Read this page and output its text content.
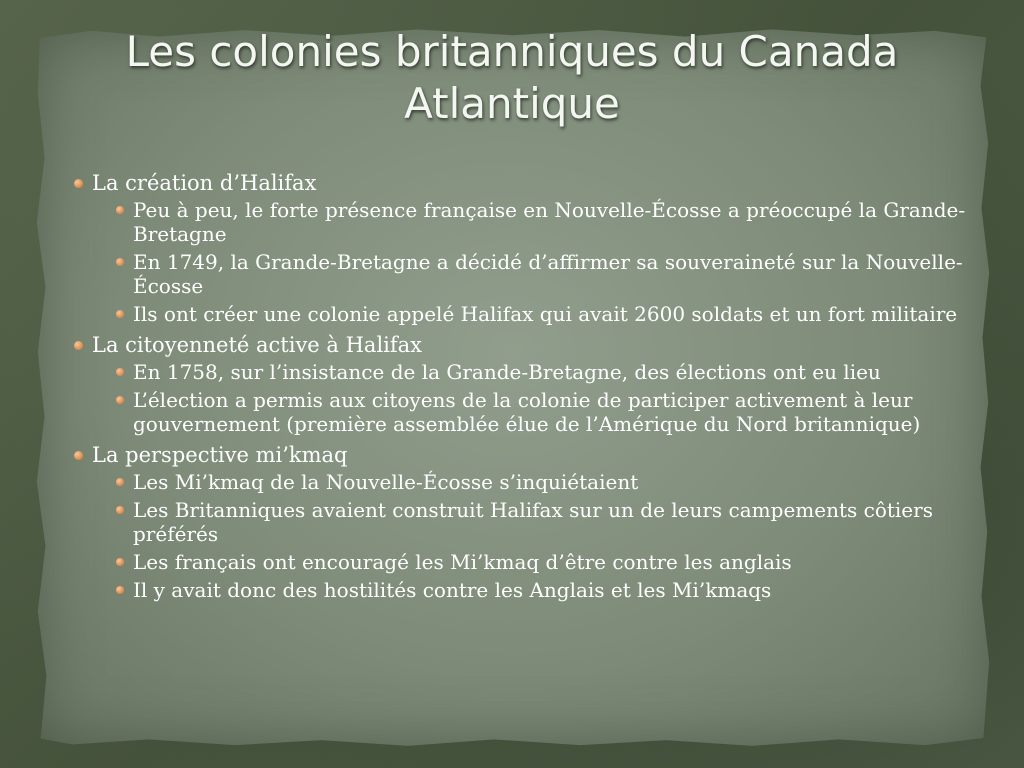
Les colonies britanniques du Canada
Atlantique
La création d’Halifax
Peu à peu, le forte présence française en Nouvelle-Écosse a préoccupé la Grande-Bretagne
En 1749, la Grande-Bretagne a décidé d’affirmer sa souveraineté sur la Nouvelle-Écosse
Ils ont créer une colonie appelé Halifax qui avait 2600 soldats et un fort militaire
La citoyenneté active à Halifax
En 1758, sur l’insistance de la Grande-Bretagne, des élections ont eu lieu
L’élection a permis aux citoyens de la colonie de participer activement à leur gouvernement (première assemblée élue de l’Amérique du Nord britannique)
La perspective mi’kmaq
Les Mi’kmaq de la Nouvelle-Écosse s’inquiétaient
Les Britanniques avaient construit Halifax sur un de leurs campements côtiers préférés
Les français ont encouragé les Mi’kmaq d’être contre les anglais
Il y avait donc des hostilités contre les Anglais et les Mi’kmaqs
